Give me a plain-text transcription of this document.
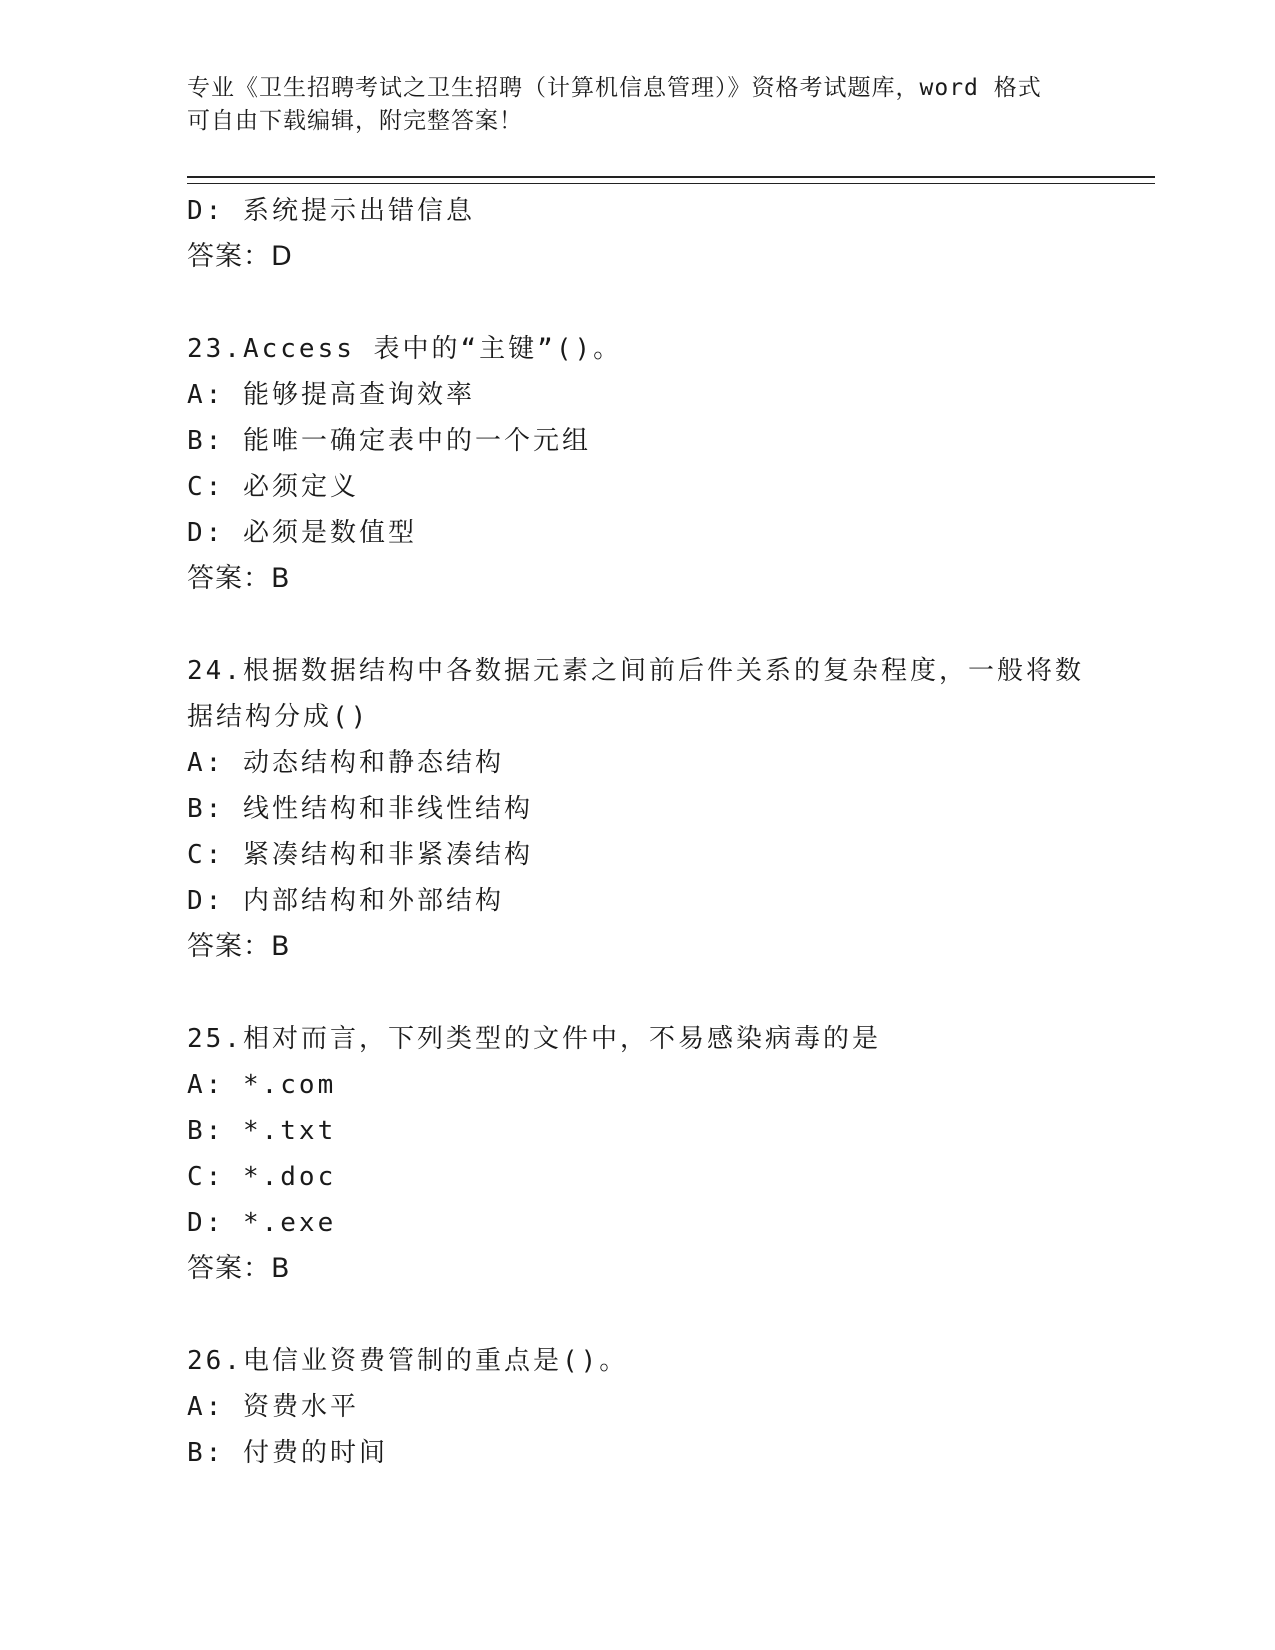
专业《卫生招聘考试之卫生招聘（计算机信息管理）》资格考试题库，word 格式
可自由下载编辑，附完整答案！
D: 系统提示出错信息
答案：D
23.Access 表中的“主键”()。
A: 能够提高查询效率
B: 能唯一确定表中的一个元组
C: 必须定义
D: 必须是数值型
答案：B
24.根据数据结构中各数据元素之间前后件关系的复杂程度，一般将数
据结构分成()
A: 动态结构和静态结构
B: 线性结构和非线性结构
C: 紧凑结构和非紧凑结构
D: 内部结构和外部结构
答案：B
25.相对而言，下列类型的文件中，不易感染病毒的是
A: *.com
B: *.txt
C: *.doc
D: *.exe
答案：B
26.电信业资费管制的重点是()。
A: 资费水平
B: 付费的时间
